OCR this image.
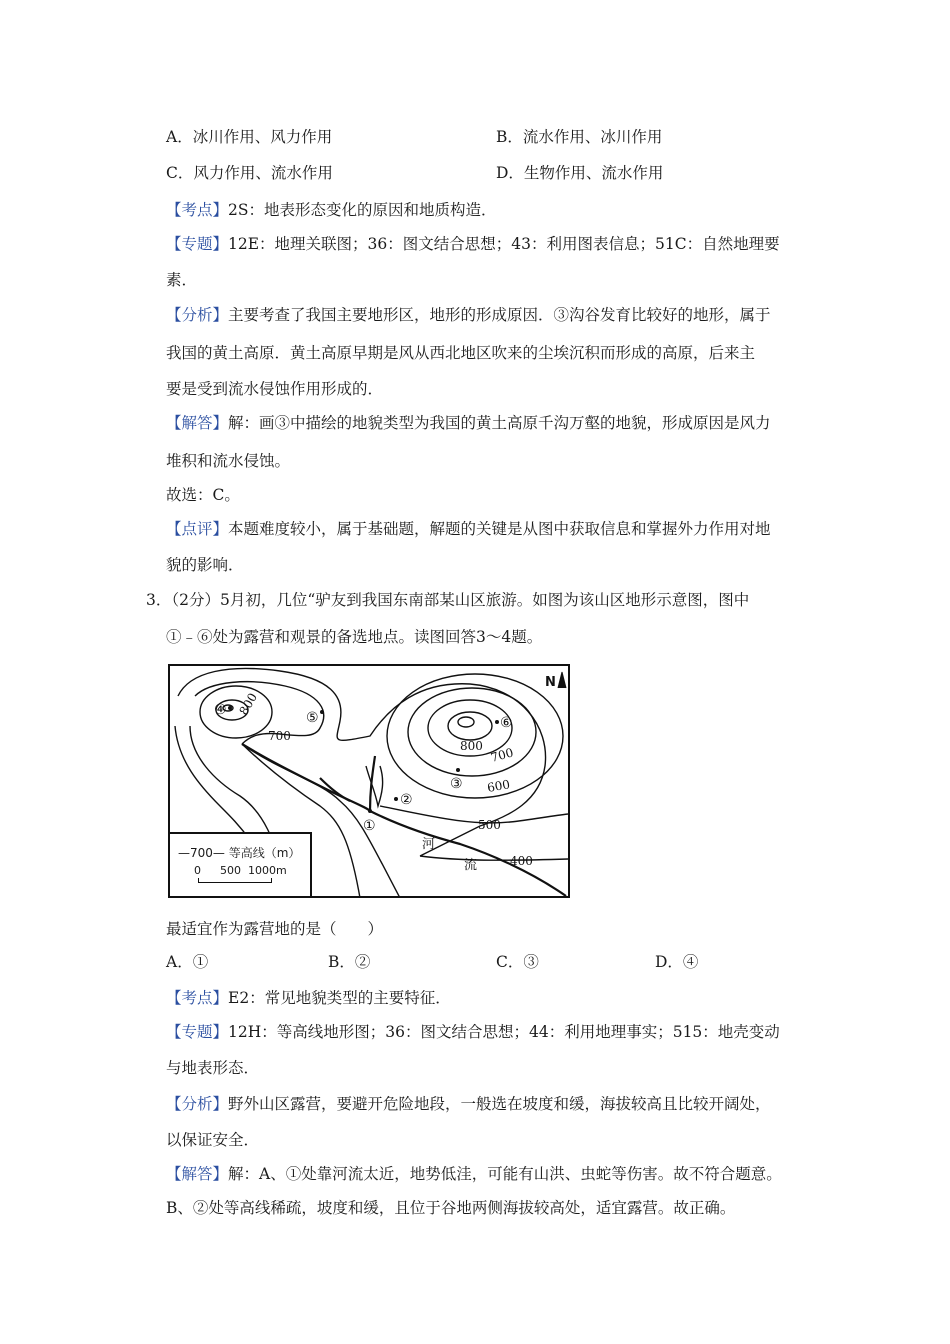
A．冰川作用、风力作用	B．流水作用、冰川作用
C．风力作用、流水作用	D．生物作用、流水作用
【考点】2S：地表形态变化的原因和地质构造．
【专题】12E：地理关联图；36：图文结合思想；43：利用图表信息；51C：自然地理要
素．
【分析】主要考查了我国主要地形区，地形的形成原因．③沟谷发育比较好的地形，属于
我国的黄土高原．黄土高原早期是风从西北地区吹来的尘埃沉积而形成的高原，后来主
要是受到流水侵蚀作用形成的．
【解答】解：画③中描绘的地貌类型为我国的黄土高原千沟万壑的地貌，形成原因是风力
堆积和流水侵蚀。
故选：C。
【点评】本题难度较小，属于基础题，解题的关键是从图中获取信息和掌握外力作用对地
貌的影响．
3．（2分）5月初，几位“驴友到我国东南部某山区旅游。如图为该山区地形示意图，图中
①﹣⑥处为露营和观景的备选地点。读图回答3～4题。
N
800
700
800 700
600
500
400
①
②
③
④	⑤	⑥
河
流
—700— 等高线（m）
0 500 1000m
最适宜作为露营地的是（　　）
A．①	B．②	C．③	D．④
【考点】E2：常见地貌类型的主要特征．
【专题】12H：等高线地形图；36：图文结合思想；44：利用地理事实；515：地壳变动
与地表形态．
【分析】野外山区露营，要避开危险地段，一般选在坡度和缓，海拔较高且比较开阔处，
以保证安全．
【解答】解：A、①处靠河流太近，地势低洼，可能有山洪、虫蛇等伤害。故不符合题意。
B、②处等高线稀疏，坡度和缓，且位于谷地两侧海拔较高处，适宜露营。故正确。
